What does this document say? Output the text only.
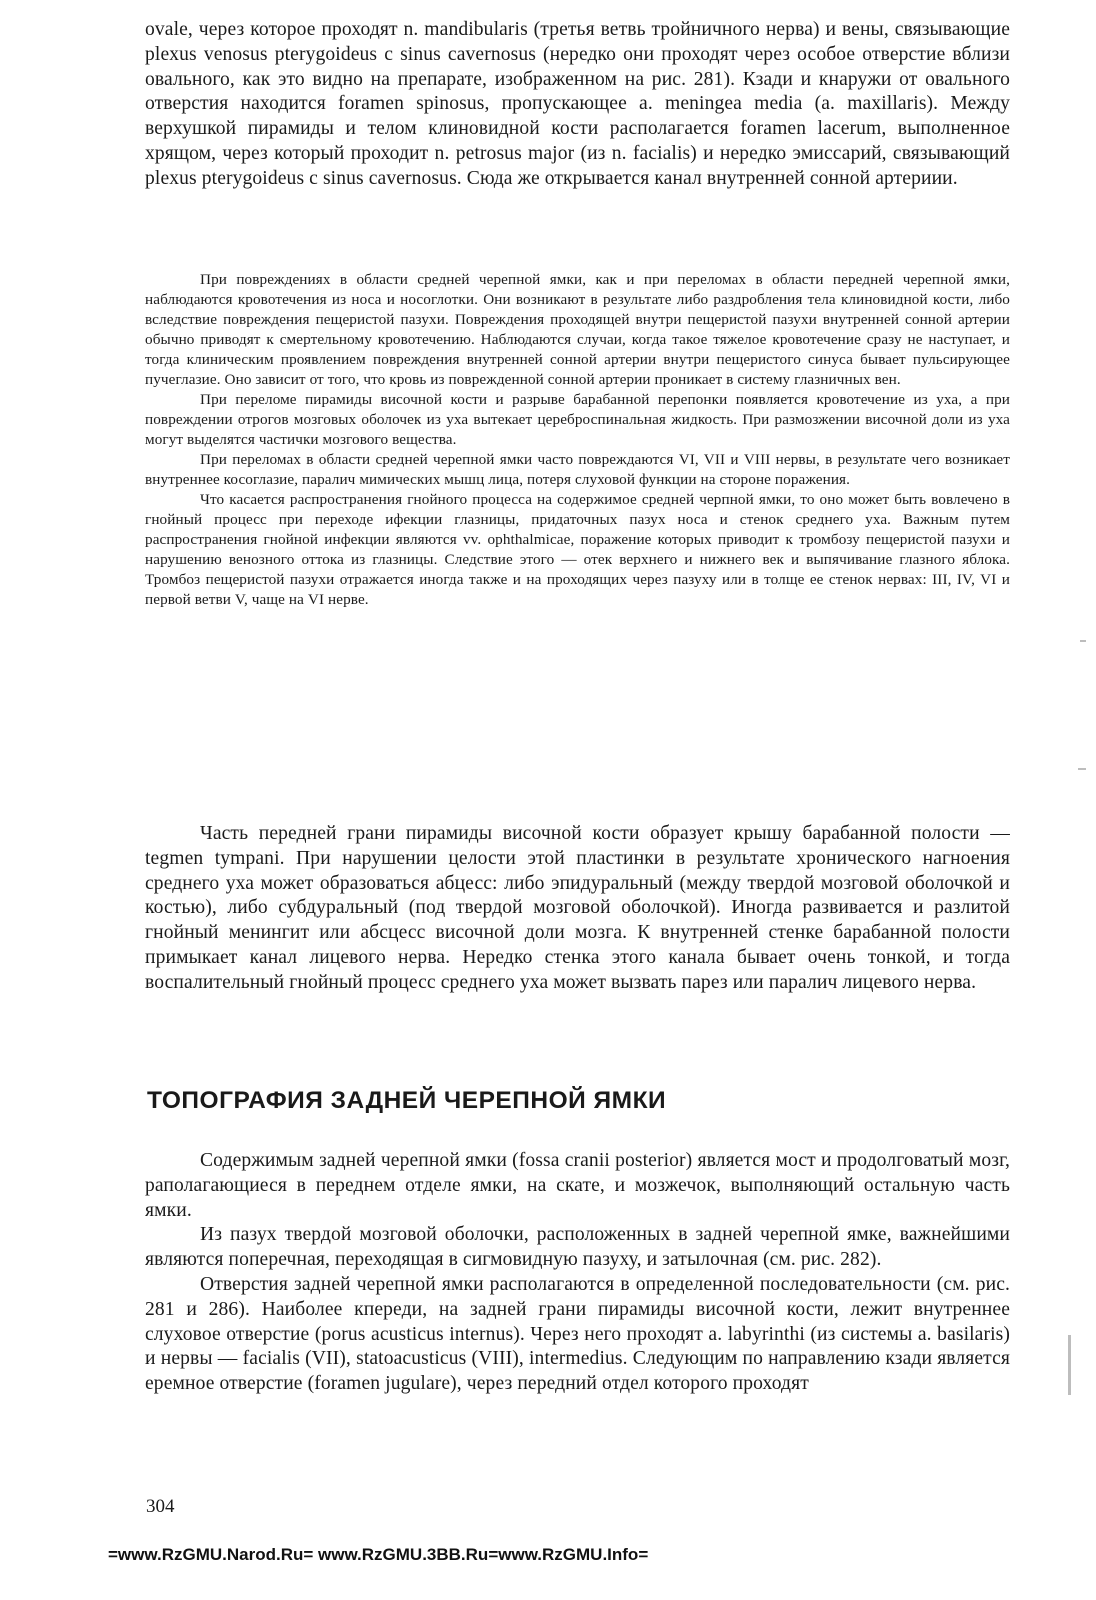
ovale, через которое проходят n. mandibularis (третья ветвь тройничного нерва) и вены, связывающие plexus venosus pterygoideus с sinus cavernosus (нередко они проходят через особое отверстие вблизи овального, как это видно на препарате, изображенном на рис. 281). Кзади и кнаружи от овального отверстия находится foramen spinosus, пропускающее a. meningea media (a. maxillaris). Между верхушкой пирамиды и телом клиновидной кости располагается foramen lacerum, выполненное хрящом, через который проходит n. petrosus major (из n. facialis) и нередко эмиссарий, связывающий plexus pterygoideus с sinus cavernosus. Сюда же открывается канал внутренней сонной артериии.

При повреждениях в области средней черепной ямки, как и при переломах в области передней черепной ямки, наблюдаются кровотечения из носа и носоглотки. Они возникают в результате либо раздробления тела клиновидной кости, либо вследствие повреждения пещеристой пазухи. Повреждения проходящей внутри пещеристой пазухи внутренней сонной артерии обычно приводят к смертельному кровотечению. Наблюдаются случаи, когда такое тяжелое кровотечение сразу не наступает, и тогда клиническим проявлением повреждения внутренней сонной артерии внутри пещеристого синуса бывает пульсирующее пучеглазие. Оно зависит от того, что кровь из поврежденной сонной артерии проникает в систему глазничных вен.

При переломе пирамиды височной кости и разрыве барабанной перепонки появляется кровотечение из уха, а при повреждении отрогов мозговых оболочек из уха вытекает цереброспинальная жидкость. При размозжении височной доли из уха могут выделятся частички мозгового вещества.

При переломах в области средней черепной ямки часто повреждаются VI, VII и VIII нервы, в результате чего возникает внутреннее косоглазие, паралич мимических мышц лица, потеря слуховой функции на стороне поражения.

Что касается распространения гнойного процесса на содержимое средней черпной ямки, то оно может быть вовлечено в гнойный процесс при переходе ифекции глазницы, придаточных пазух носа и стенок среднего уха. Важным путем распространения гнойной инфекции являются vv. ophthalmicae, поражение которых приводит к тромбозу пещеристой пазухи и нарушению венозного оттока из глазницы. Следствие этого — отек верхнего и нижнего век и выпячивание глазного яблока. Тромбоз пещеристой пазухи отражается иногда также и на проходящих через пазуху или в толще ее стенок нервах: III, IV, VI и первой ветви V, чаще на VI нерве.

Часть передней грани пирамиды височной кости образует крышу барабанной полости — tegmen tympani. При нарушении целости этой пластинки в результате хронического нагноения среднего уха может образоваться абцесс: либо эпидуральный (между твердой мозговой оболочкой и костью), либо субдуральный (под твердой мозговой оболочкой). Иногда развивается и разлитой гнойный менингит или абсцесс височной доли мозга. К внутренней стенке барабанной полости примыкает канал лицевого нерва. Нередко стенка этого канала бывает очень тонкой, и тогда воспалительный гнойный процесс среднего уха может вызвать парез или паралич лицевого нерва.

ТОПОГРАФИЯ ЗАДНЕЙ ЧЕРЕПНОЙ ЯМКИ

Содержимым задней черепной ямки (fossa cranii posterior) является мост и продолговатый мозг, раполагающиеся в переднем отделе ямки, на скате, и мозжечок, выполняющий остальную часть ямки.

Из пазух твердой мозговой оболочки, расположенных в задней черепной ямке, важнейшими являются поперечная, переходящая в сигмовидную пазуху, и затылочная (см. рис. 282).

Отверстия задней черепной ямки располагаются в определенной последовательности (см. рис. 281 и 286). Наиболее кпереди, на задней грани пирамиды височной кости, лежит внутреннее слуховое отверстие (porus acusticus internus). Через него проходят a. labyrinthi (из системы a. basilaris) и нервы — facialis (VII), statoacusticus (VIII), intermedius. Следующим по направлению кзади является еремное отверстие (foramen jugulare), через передний отдел которого проходят

304
=www.RzGMU.Narod.Ru= www.RzGMU.3BB.Ru=www.RzGMU.Info=
